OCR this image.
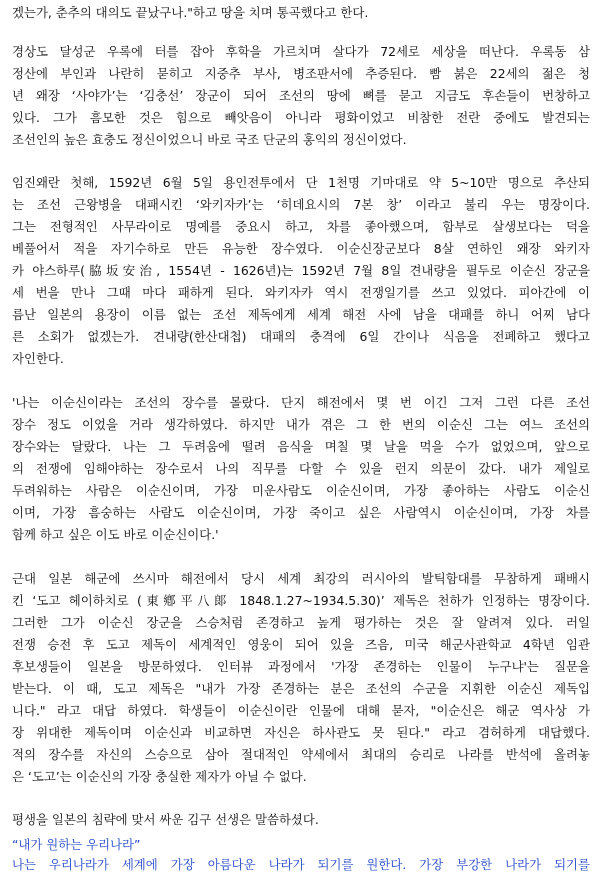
겠는가, 춘추의 대의도 끝났구나."하고 땅을 치며 통곡했다고 한다.

경상도 달성군 우록에 터를 잡아 후학을 가르치며 살다가 72세로 세상을 떠난다. 우록동 삼

정산에 부인과 나란히 묻히고 지중추 부사, 병조판서에 추증된다. 빰 붉은 22세의 젊은 청

년 왜장 ‘사야가’는 ‘김충선’ 장군이 되어 조선의 땅에 뼈를 묻고 지금도 후손들이 번창하고

있다. 그가 흠모한 것은 힘으로 빼앗음이 아니라 평화이었고 비참한 전란 중에도 발견되는

조선인의 높은 효충도 정신이었으니 바로 국조 단군의 홍익의 정신이었다.

임진왜란 첫해, 1592년 6월 5일 용인전투에서 단 1천명 기마대로 약 5~10만 명으로 추산되

는 조선 근왕병을 대패시킨 ‘와키자카’는 ‘히데요시의 7본 창’ 이라고 불리 우는 명장이다.

그는 전형적인 사무라이로 명예를 중요시 하고, 차를 좋아했으며, 함부로 살생보다는 덕을

베풀어서 적을 자기수하로 만든 유능한 장수였다. 이순신장군보다 8살 연하인 왜장 와키자

카 야스하루(脇坂安治, 1554년 - 1626년)는 1592년 7월 8일 견내량을 필두로 이순신 장군을

세 번을 만나 그때 마다 패하게 된다. 와키자카 역시 전쟁일기를 쓰고 있었다. 피아간에 이

름난 일본의 용장이 이름 없는 조선 제독에게 세계 해전 사에 남을 대패를 하니 어찌 남다

른 소회가 없겠는가. 견내량(한산대첩) 대패의 충격에 6일 간이나 식음을 전폐하고 했다고

자인한다.

'나는 이순신이라는 조선의 장수를 몰랐다. 단지 해전에서 몇 번 이긴 그저 그런 다른 조선

장수 정도 이었을 거라 생각하였다. 하지만 내가 겪은 그 한 번의 이순신 그는 여느 조선의

장수와는 달랐다. 나는 그 두려움에 떨려 음식을 며칠 몇 날을 먹을 수가 없었으며, 앞으로

의 전쟁에 임해야하는 장수로서 나의 직무를 다할 수 있을 런지 의문이 갔다. 내가 제일로

두려워하는 사람은 이순신이며, 가장 미운사람도 이순신이며, 가장 좋아하는 사람도 이순신

이며, 가장 흠숭하는 사람도 이순신이며, 가장 죽이고 싶은 사람역시 이순신이며, 가장 차를

함께 하고 싶은 이도 바로 이순신이다.'

근대 일본 해군에 쓰시마 해전에서 당시 세계 최강의 러시아의 발틱함대를 무참하게 패배시

킨 ‘도고 헤이하치로 (東鄕平八郞 1848.1.27~1934.5.30)’ 제독은 천하가 인정하는 명장이다.

그러한 그가 이순신 장군을 스승처럼 존경하고 높게 평가하는 것은 잘 알려져 있다. 러일

전쟁 승전 후 도고 제독이 세계적인 영웅이 되어 있을 즈음, 미국 해군사관학교 4학년 임관

후보생들이 일본을 방문하였다. 인터뷰 과정에서 '가장 존경하는 인물이 누구냐'는 질문을

받는다. 이 때, 도고 제독은 "내가 가장 존경하는 분은 조선의 수군을 지휘한 이순신 제독입

니다." 라고 대답 하였다. 학생들이 이순신이란 인물에 대해 묻자, "이순신은 해군 역사상 가

장 위대한 제독이며 이순신과 비교하면 자신은 하사관도 못 된다." 라고 겸허하게 대답했다.

적의 장수를 자신의 스승으로 삼아 절대적인 약세에서 최대의 승리로 나라를 반석에 올려놓

은 ‘도고’는 이순신의 가장 충실한 제자가 아닐 수 없다.

평생을 일본의 침략에 맞서 싸운 김구 선생은 말씀하셨다.

“내가 원하는 우리나라”

나는 우리나라가 세계에 가장 아름다운 나라가 되기를 원한다. 가장 부강한 나라가 되기를
